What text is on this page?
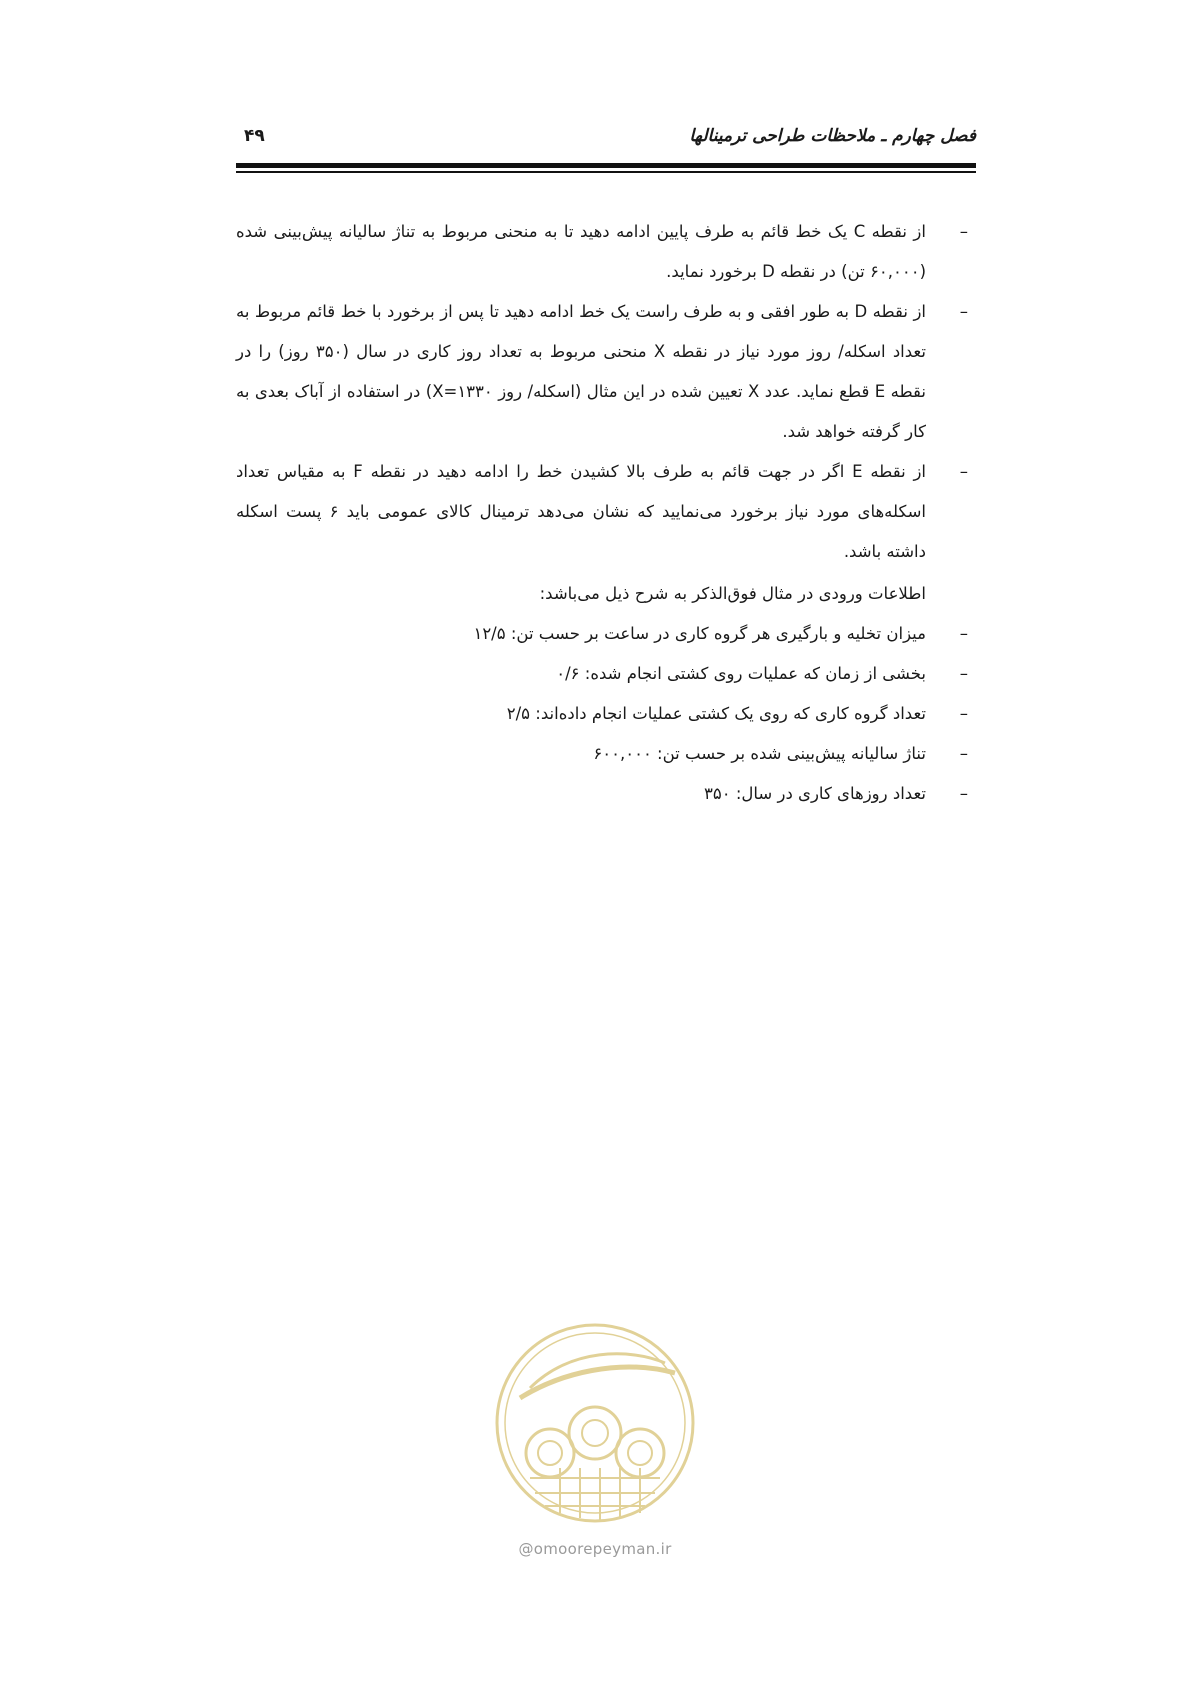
فصل چهارم ـ ملاحظات طراحی ترمینالها
۴۹
–
از نقطه C یک خط قائم به طرف پایین ادامه دهید تا به منحنی مربوط به تناژ سالیانه پیش‌بینی شده (۶۰,۰۰۰ تن) در نقطه D برخورد نماید.
–
از نقطه D به طور افقی و به طرف راست یک خط ادامه دهید تا پس از برخورد با خط قائم مربوط به تعداد اسکله/ روز مورد نیاز در نقطه X منحنی مربوط به تعداد روز کاری در سال (۳۵۰ روز) را در نقطه E قطع نماید. عدد X تعیین شده در این مثال (اسکله/ روز X=۱۳۳۰) در استفاده از آباک بعدی به کار گرفته خواهد شد.
–
از نقطه E اگر در جهت قائم به طرف بالا کشیدن خط را ادامه دهید در نقطه F به مقیاس تعداد اسکله‌های مورد نیاز برخورد می‌نمایید که نشان می‌دهد ترمینال کالای عمومی باید ۶ پست اسکله داشته باشد.
اطلاعات ورودی در مثال فوق‌الذکر به شرح ذیل می‌باشد:
–
میزان تخلیه و بارگیری هر گروه کاری در ساعت بر حسب تن: ۱۲/۵
–
بخشی از زمان که عملیات روی کشتی انجام شده: ۰/۶
–
تعداد گروه کاری که روی یک کشتی عملیات انجام داده‌اند: ۲/۵
–
تناژ سالیانه پیش‌بینی شده بر حسب تن: ۶۰۰,۰۰۰
–
تعداد روزهای کاری در سال: ۳۵۰
@omoorepeyman.ir
